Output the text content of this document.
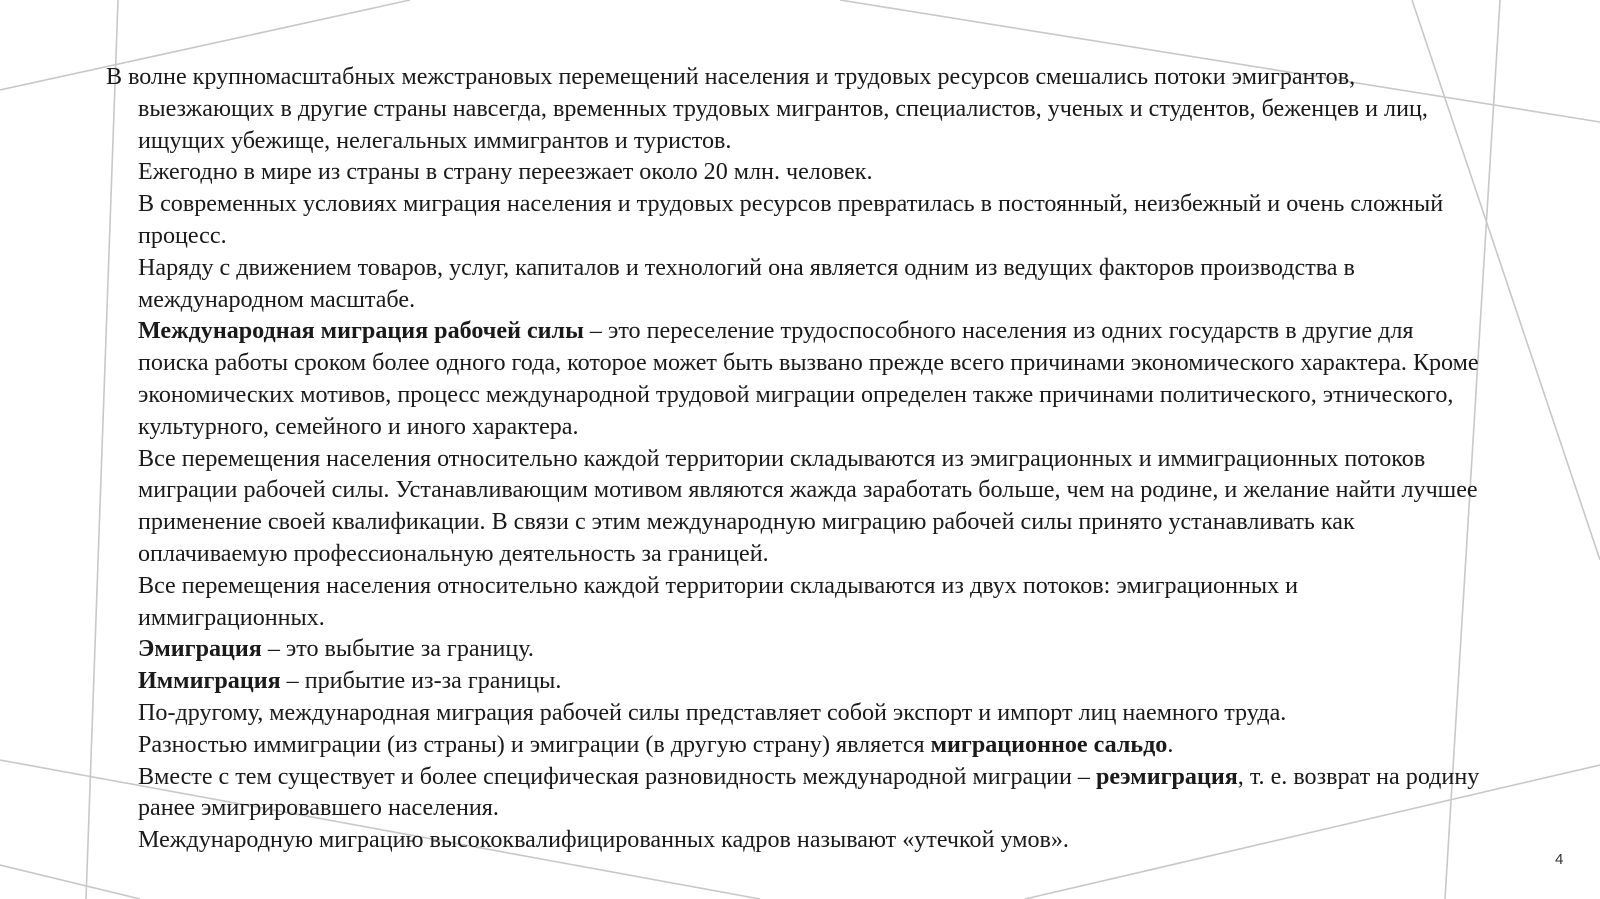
В волне крупномасштабных межстрановых перемещений населения и трудовых ресурсов смешались потоки эмигрантов, выезжающих в другие страны навсегда, временных трудовых мигрантов, специалистов, ученых и студентов, беженцев и лиц, ищущих убежище, нелегальных иммигрантов и туристов.

Ежегодно в мире из страны в страну переезжает около 20 млн. человек.

В современных условиях миграция населения и трудовых ресурсов превратилась в постоянный, неизбежный и очень сложный процесс.

Наряду с движением товаров, услуг, капиталов и технологий она является одним из ведущих факторов производства в международном масштабе.

Международная миграция рабочей силы – это переселение трудоспособного населения из одних государств в другие для поиска работы сроком более одного года, которое может быть вызвано прежде всего причинами экономического характера. Кроме экономических мотивов, процесс международной трудовой миграции определен также причинами политического, этнического, культурного, семейного и иного характера.

Все перемещения населения относительно каждой территории складываются из эмиграционных и иммиграционных потоков миграции рабочей силы. Устанавливающим мотивом являются жажда заработать больше, чем на родине, и желание найти лучшее применение своей квалификации. В связи с этим международную миграцию рабочей силы принято устанавливать как оплачиваемую профессиональную деятельность за границей.

Все перемещения населения относительно каждой территории складываются из двух потоков: эмиграционных и иммиграционных.

Эмиграция – это выбытие за границу.

Иммиграция – прибытие из-за границы.

По-другому, международная миграция рабочей силы представляет собой экспорт и импорт лиц наемного труда.

Разностью иммиграции (из страны) и эмиграции (в другую страну) является миграционное сальдо.

Вместе с тем существует и более специфическая разновидность международной миграции – реэмиграция, т. е. возврат на родину ранее эмигрировавшего населения.

Международную миграцию высококвалифицированных кадров называют «утечкой умов».

4
